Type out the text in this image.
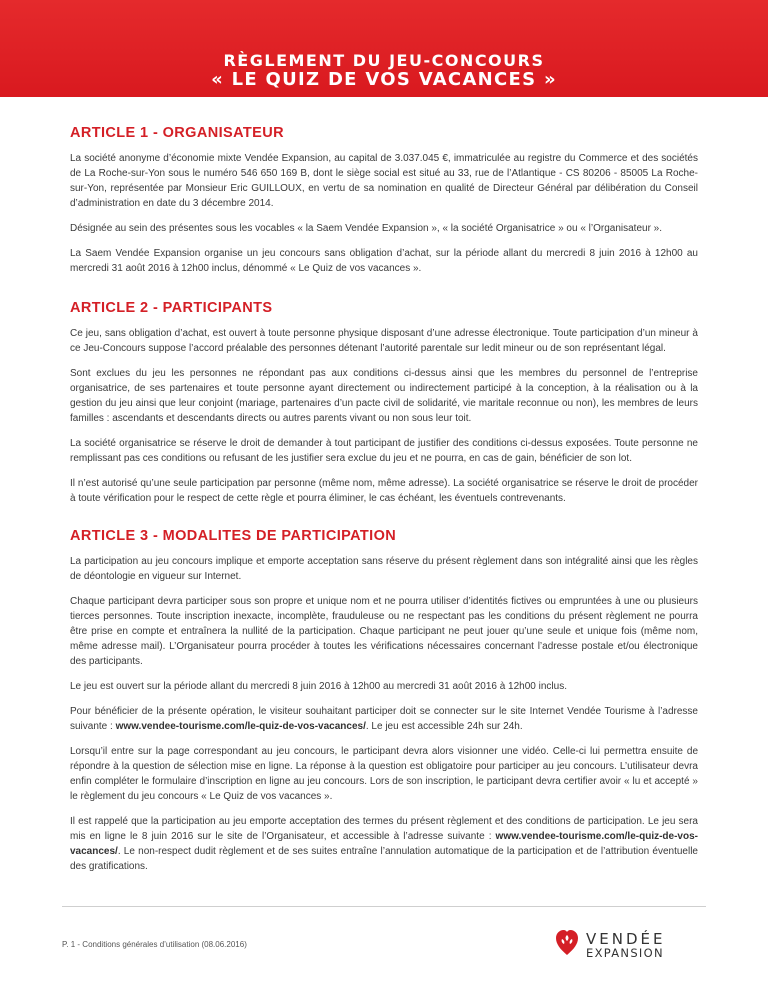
RÈGLEMENT DU JEU-CONCOURS
« LE QUIZ DE VOS VACANCES »
ARTICLE 1 - ORGANISATEUR

La société anonyme d’économie mixte Vendée Expansion, au capital de 3.037.045 €, immatriculée au registre du Commerce et des sociétés de La Roche-sur-Yon sous le numéro 546 650 169 B, dont le siège social est situé au 33, rue de l’Atlantique - CS 80206 - 85005 La Roche-sur-Yon, représentée par Monsieur Eric GUILLOUX, en vertu de sa nomination en qualité de Directeur Général par délibération du Conseil d’administration en date du 3 décembre 2014.

Désignée au sein des présentes sous les vocables « la Saem Vendée Expansion », « la société Organisatrice » ou « l’Organisateur ».

La Saem Vendée Expansion organise un jeu concours sans obligation d’achat, sur la période allant du mercredi 8 juin 2016 à 12h00 au mercredi 31 août 2016 à 12h00 inclus, dénommé « Le Quiz de vos vacances ».

ARTICLE 2 - PARTICIPANTS

Ce jeu, sans obligation d’achat, est ouvert à toute personne physique disposant d’une adresse électronique. Toute participation d’un mineur à ce Jeu-Concours suppose l’accord préalable des personnes détenant l’autorité parentale sur ledit mineur ou de son représentant légal.

Sont exclues du jeu les personnes ne répondant pas aux conditions ci-dessus ainsi que les membres du personnel de l’entreprise organisatrice, de ses partenaires et toute personne ayant directement ou indirectement participé à la conception, à la réalisation ou à la gestion du jeu ainsi que leur conjoint (mariage, partenaires d’un pacte civil de solidarité, vie maritale reconnue ou non), les membres de leurs familles : ascendants et descendants directs ou autres parents vivant ou non sous leur toit.

La société organisatrice se réserve le droit de demander à tout participant de justifier des conditions ci-dessus exposées. Toute personne ne remplissant pas ces conditions ou refusant de les justifier sera exclue du jeu et ne pourra, en cas de gain, bénéficier de son lot.

Il n’est autorisé qu’une seule participation par personne (même nom, même adresse). La société organisatrice se réserve le droit de procéder à toute vérification pour le respect de cette règle et pourra éliminer, le cas échéant, les éventuels contrevenants.

ARTICLE 3 - MODALITES DE PARTICIPATION

La participation au jeu concours implique et emporte acceptation sans réserve du présent règlement dans son intégralité ainsi que les règles de déontologie en vigueur sur Internet.

Chaque participant devra participer sous son propre et unique nom et ne pourra utiliser d’identités fictives ou empruntées à une ou plusieurs tierces personnes. Toute inscription inexacte, incomplète, frauduleuse ou ne respectant pas les conditions du présent règlement ne pourra être prise en compte et entraînera la nullité de la participation. Chaque participant ne peut jouer qu’une seule et unique fois (même nom, même adresse mail). L’Organisateur pourra procéder à toutes les vérifications nécessaires concernant l’adresse postale et/ou électronique des participants.

Le jeu est ouvert sur la période allant du mercredi 8 juin 2016 à 12h00 au mercredi 31 août 2016 à 12h00 inclus.

Pour bénéficier de la présente opération, le visiteur souhaitant participer doit se connecter sur le site Internet Vendée Tourisme à l’adresse suivante : www.vendee-tourisme.com/le-quiz-de-vos-vacances/. Le jeu est accessible 24h sur 24h.

Lorsqu’il entre sur la page correspondant au jeu concours, le participant devra alors visionner une vidéo. Celle-ci lui permettra ensuite de répondre à la question de sélection mise en ligne. La réponse à la question est obligatoire pour participer au jeu concours. L’utilisateur devra enfin compléter le formulaire d’inscription en ligne au jeu concours. Lors de son inscription, le participant devra certifier avoir « lu et accepté » le règlement du jeu concours « Le Quiz de vos vacances ».

Il est rappelé que la participation au jeu emporte acceptation des termes du présent règlement et des conditions de participation. Le jeu sera mis en ligne le 8 juin 2016 sur le site de l’Organisateur, et accessible à l’adresse suivante : www.vendee-tourisme.com/le-quiz-de-vos-vacances/. Le non-respect dudit règlement et de ses suites entraîne l’annulation automatique de la participation et de l’attribution éventuelle des gratifications.

P. 1 - Conditions générales d’utilisation (08.06.2016)	VENDÉE
EXPANSION
